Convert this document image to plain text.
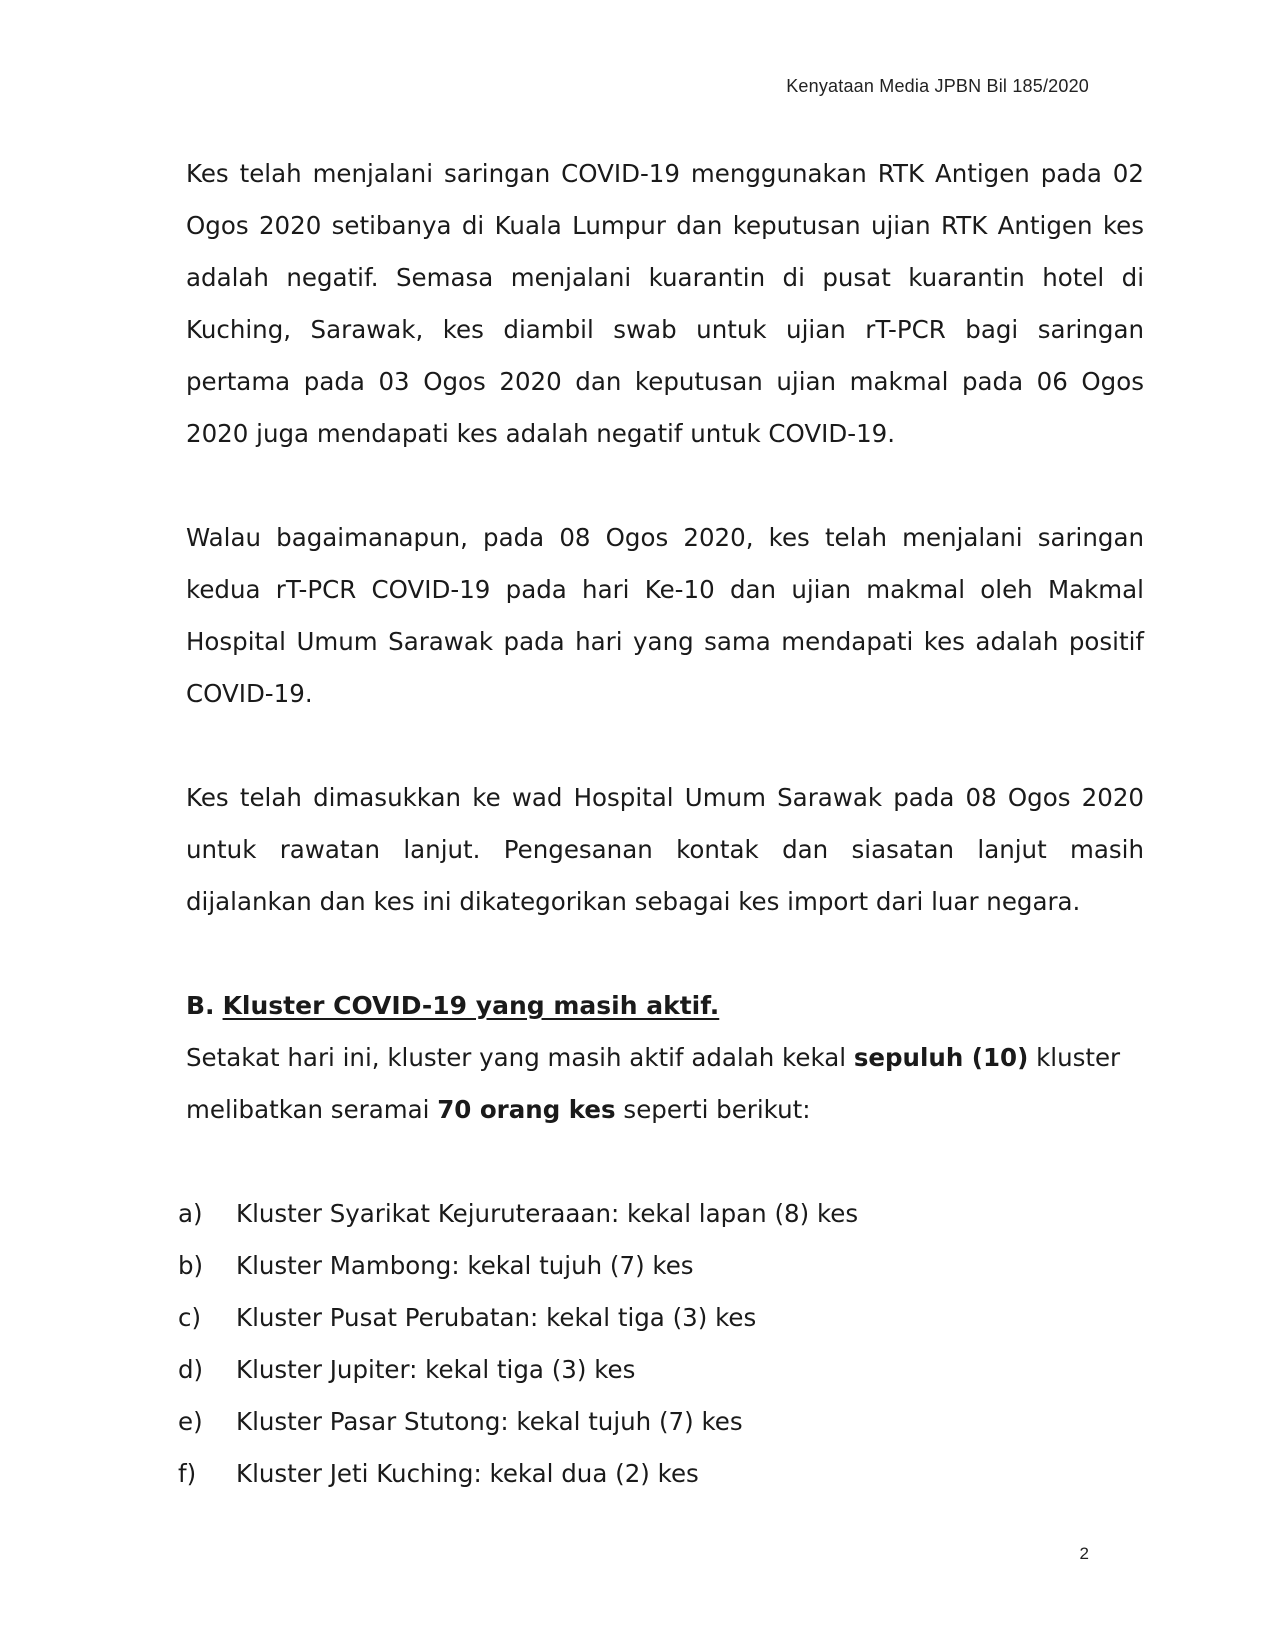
Kenyataan Media JPBN Bil 185/2020

Kes telah menjalani saringan COVID-19 menggunakan RTK Antigen pada 02 Ogos 2020 setibanya di Kuala Lumpur dan keputusan ujian RTK Antigen kes adalah negatif. Semasa menjalani kuarantin di pusat kuarantin hotel di Kuching, Sarawak, kes diambil swab untuk ujian rT-PCR bagi saringan pertama pada 03 Ogos 2020 dan keputusan ujian makmal pada 06 Ogos 2020 juga mendapati kes adalah negatif untuk COVID-19.

Walau bagaimanapun, pada 08 Ogos 2020, kes telah menjalani saringan kedua rT-PCR COVID-19 pada hari Ke-10 dan ujian makmal oleh Makmal Hospital Umum Sarawak pada hari yang sama mendapati kes adalah positif COVID-19.

Kes telah dimasukkan ke wad Hospital Umum Sarawak pada 08 Ogos 2020 untuk rawatan lanjut. Pengesanan kontak dan siasatan lanjut masih dijalankan dan kes ini dikategorikan sebagai kes import dari luar negara.

B. Kluster COVID-19 yang masih aktif.

Setakat hari ini, kluster yang masih aktif adalah kekal sepuluh (10) kluster melibatkan seramai 70 orang kes seperti berikut:

a)	Kluster Syarikat Kejuruteraaan: kekal lapan (8) kes
b)	Kluster Mambong: kekal tujuh (7) kes
c)	Kluster Pusat Perubatan: kekal tiga (3) kes
d)	Kluster Jupiter: kekal tiga (3) kes
e)	Kluster Pasar Stutong: kekal tujuh (7) kes
f)	Kluster Jeti Kuching: kekal dua (2) kes
2
